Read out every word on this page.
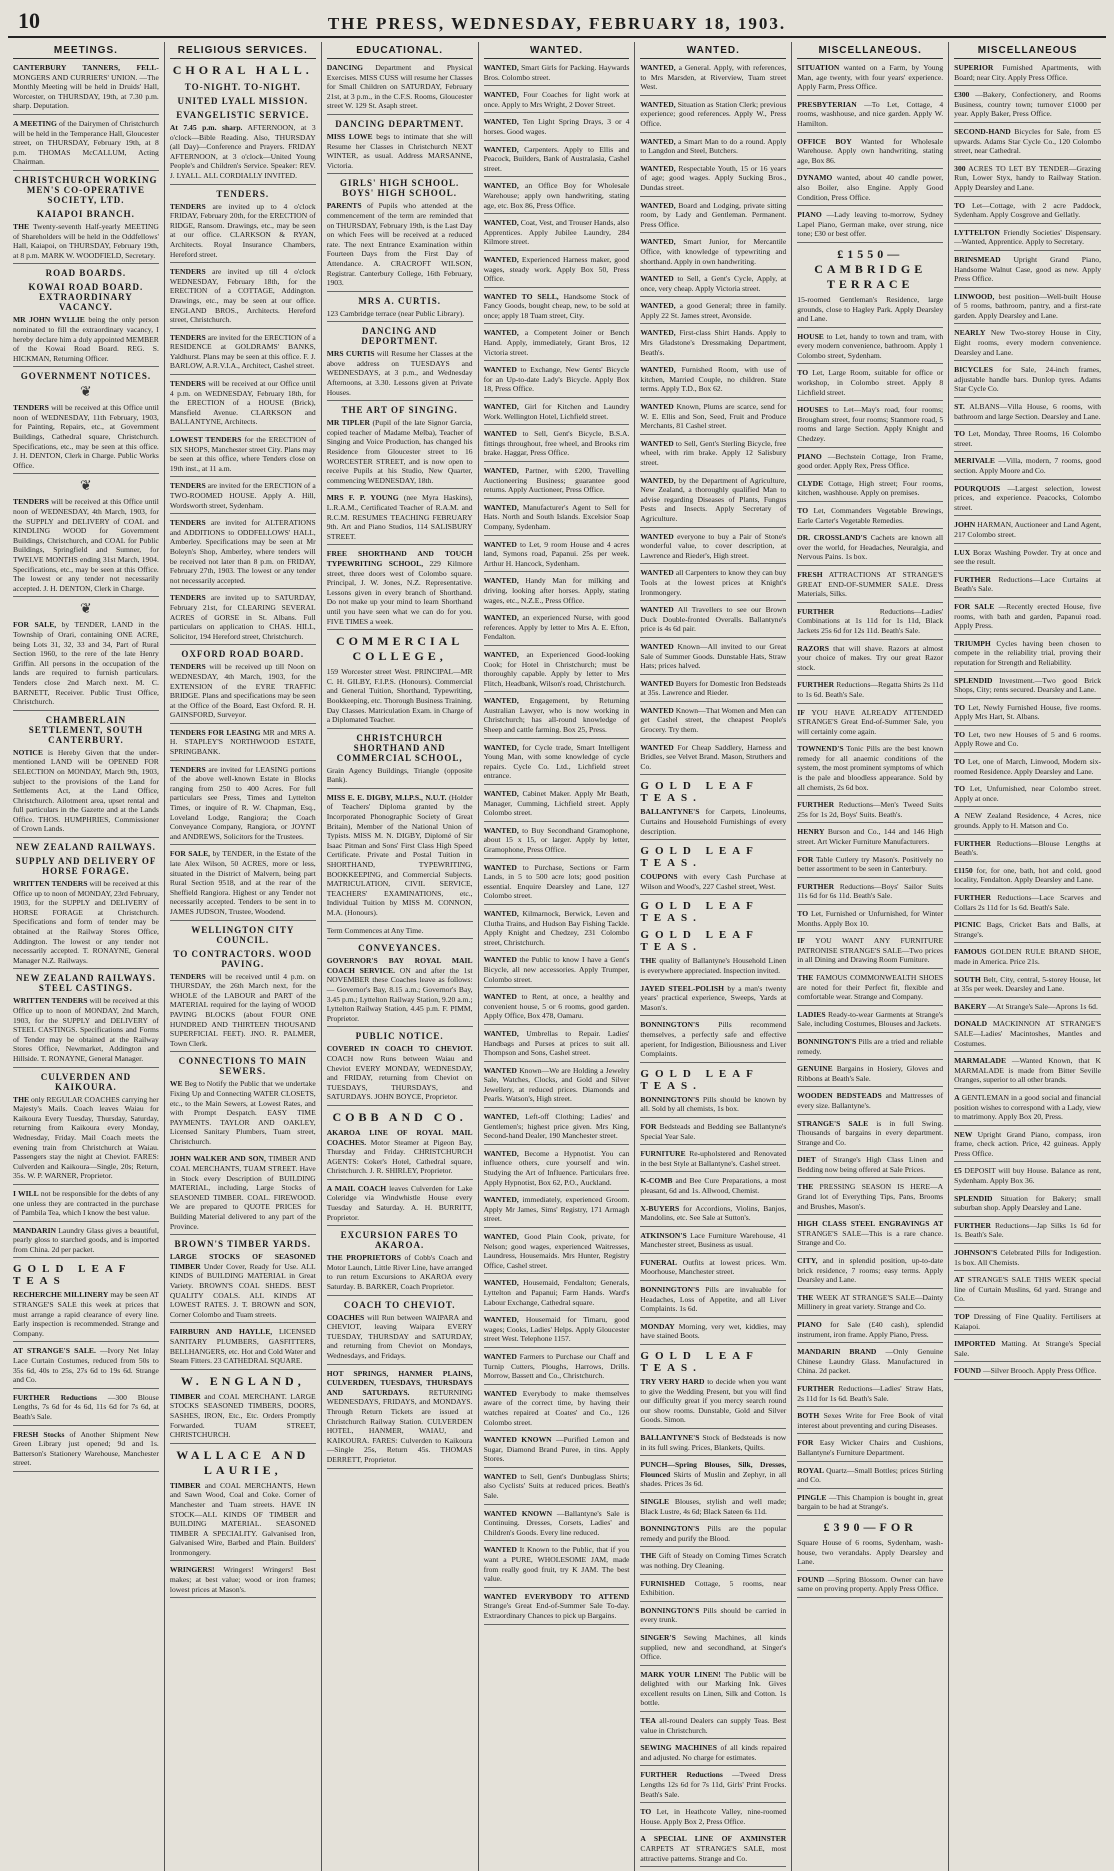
10	THE PRESS, WEDNESDAY, FEBRUARY 18, 1903.
MEETINGS.

CANTERBURY TANNERS, FELL- MONGERS AND CURRIERS' UNION. —The Monthly Meeting will be held in Druids' Hall, Worcester, on THURSDAY, 19th, at 7.30 p.m. sharp. Deputation.

A MEETING of the Dairymen of Christchurch will be held in the Temperance Hall, Gloucester street, on THURSDAY, February 19th, at 8 p.m. THOMAS McCALLUM, Acting Chairman.

CHRISTCHURCH WORKING MEN'S CO-OPERATIVE SOCIETY, LTD.
KAIAPOI BRANCH.

THE Twenty-seventh Half-yearly MEETING of Shareholders will be held in the Oddfellows' Hall, Kaiapoi, on THURSDAY, February 19th, at 8 p.m. MARK W. WOODFIELD, Secretary.

ROAD BOARDS.
KOWAI ROAD BOARD. EXTRAORDINARY VACANCY.

MR JOHN WYLLIE being the only person nominated to fill the extraordinary vacancy, I hereby declare him a duly appointed MEMBER of the Kowai Road Board. REG. S. HICKMAN, Returning Officer.

GOVERNMENT NOTICES.
❦

TENDERS will be received at this Office until noon of WEDNESDAY, 11th February, 1903, for Painting, Repairs, etc., at Government Buildings, Cathedral square, Christchurch. Specifications, etc., may be seen at this office. J. H. DENTON, Clerk in Charge. Public Works Office.

❦

TENDERS will be received at this Office until noon of WEDNESDAY, 4th March, 1903, for the SUPPLY and DELIVERY of COAL and KINDLING WOOD for Government Buildings, Christchurch, and COAL for Public Buildings, Springfield and Sumner, for TWELVE MONTHS ending 31st March, 1904. Specifications, etc., may be seen at this Office. The lowest or any tender not necessarily accepted. J. H. DENTON, Clerk in Charge.

❦

FOR SALE, by TENDER, LAND in the Township of Orari, containing ONE ACRE, being Lots 31, 32, 33 and 34, Part of Rural Section 1960, to the rere of the late Henry Griffin. All persons in the occupation of the lands are required to furnish particulars. Tenders close 2nd March next. M. C. BARNETT, Receiver. Public Trust Office, Christchurch.

CHAMBERLAIN SETTLEMENT, SOUTH CANTERBURY.

NOTICE is Hereby Given that the under-mentioned LAND will be OPENED FOR SELECTION on MONDAY, March 9th, 1903, subject to the provisions of the Land for Settlements Act, at the Land Office, Christchurch. Ailotment area, upset rental and full particulars in the Gazette and at the Lands Office. THOS. HUMPHRIES, Commissioner of Crown Lands.

NEW ZEALAND RAILWAYS.
SUPPLY AND DELIVERY OF HORSE FORAGE.

WRITTEN TENDERS will be received at this Office up to noon of MONDAY, 23rd February, 1903, for the SUPPLY and DELIVERY of HORSE FORAGE at Christchurch. Specifications and form of tender may be obtained at the Railway Stores Office, Addington. The lowest or any tender not necessarily accepted. T. RONAYNE, General Manager N.Z. Railways.

NEW ZEALAND RAILWAYS. STEEL CASTINGS.

WRITTEN TENDERS will be received at this Office up to noon of MONDAY, 2nd March, 1903, for the SUPPLY and DELIVERY of STEEL CASTINGS. Specifications and Forms of Tender may be obtained at the Railway Stores Office, Newmarket, Addington and Hillside. T. RONAYNE, General Manager.

CULVERDEN AND KAIKOURA.

THE only REGULAR COACHES carrying her Majesty's Mails. Coach leaves Waiau for Kaikoura Every Tuesday, Thursday, Saturday, returning from Kaikoura every Monday, Wednesday, Friday. Mail Coach meets the evening train from Christchurch at Waiau. Passengers stay the night at Cheviot. FARES: Culverden and Kaikoura—Single, 20s; Return, 35s. W. P. WARNER, Proprietor.

I WILL not be responsible for the debts of any one unless they are contracted in the purchase of Pambila Tea, which I know the best value.

MANDARIN Laundry Glass gives a beautiful, pearly gloss to starched goods, and is imported from China. 2d per packet.

GOLD LEAF TEAS

RECHERCHE MILLINERY may be seen AT STRANGE'S SALE this week at prices that must arrange a rapid clearance of every line. Early inspection is recommended. Strange and Company.

AT STRANGE'S SALE. —Ivory Net Inlay Lace Curtain Costumes, reduced from 50s to 35s 6d, 40s to 25s, 27s 6d to 19s 6d. Strange and Co.

FURTHER Reductions —300 Blouse Lengths, 7s 6d for 4s 6d, 11s 6d for 7s 6d, at Beath's Sale.

FRESH Stocks of Another Shipment New Green Library just opened; 9d and 1s. Batterson's Stationery Warehouse, Manchester street.

RELIGIOUS SERVICES.
CHORAL HALL.
TO-NIGHT. TO-NIGHT.
UNITED LYALL MISSION.
EVANGELISTIC SERVICE.

At 7.45 p.m. sharp. AFTERNOON, at 3 o'clock—Bible Reading. Also, THURSDAY (all Day)—Conference and Prayers. FRIDAY AFTERNOON, at 3 o'clock—United Young People's and Children's Service. Speaker: REV. J. LYALL. ALL CORDIALLY INVITED.

TENDERS.

TENDERS are invited up to 4 o'clock FRIDAY, February 20th, for the ERECTION of RIDGE, Ransom. Drawings, etc., may be seen at our office. CLARKSON & RYAN, Architects. Royal Insurance Chambers, Hereford street.

TENDERS are invited up till 4 o'clock WEDNESDAY, February 18th, for the ERECTION of a COTTAGE, Addington. Drawings, etc., may be seen at our office. ENGLAND BROS., Architects. Hereford street, Christchurch.

TENDERS are invited for the ERECTION of a RESIDENCE at GOLDRAMS' BANKS, Yaldhurst. Plans may be seen at this office. F. J. BARLOW, A.R.V.I.A., Architect, Cashel street.

TENDERS will be received at our Office until 4 p.m. on WEDNESDAY, February 18th, for the ERECTION of a HOUSE (Brick), Mansfield Avenue. CLARKSON and BALLANTYNE, Architects.

LOWEST TENDERS for the ERECTION of SIX SHOPS, Manchester street City. Plans may be seen at this office, where Tenders close on 19th inst., at 11 a.m.

TENDERS are invited for the ERECTION of a TWO-ROOMED HOUSE. Apply A. Hill, Wordsworth street, Sydenham.

TENDERS are invited for ALTERATIONS and ADDITIONS to ODDFELLOWS' HALL, Amberley. Specifications may be seen at Mr Boleyn's Shop, Amberley, where tenders will be received not later than 8 p.m. on FRIDAY, February 27th, 1903. The lowest or any tender not necessarily accepted.

TENDERS are invited up to SATURDAY, February 21st, for CLEARING SEVERAL ACRES of GORSE in St. Albans. Full particulars on application to CHAS. HILL, Solicitor, 194 Hereford street, Christchurch.

OXFORD ROAD BOARD.

TENDERS will be received up till Noon on WEDNESDAY, 4th March, 1903, for the EXTENSION of the EYRE TRAFFIC BRIDGE. Plans and specifications may be seen at the Office of the Board, East Oxford. R. H. GAINSFORD, Surveyor.

TENDERS FOR LEASING MR and MRS A. H. STAPLEY'S NORTHWOOD ESTATE, SPRINGBANK.

TENDERS are invited for LEASING portions of the above well-known Estate in Blocks ranging from 250 to 400 Acres. For full particulars see Press, Times and Lyttelton Times, or inquire of R. W. Chapman, Esq., Loveland Lodge, Rangiora; the Coach Conveyance Company, Rangiora, or JOYNT and ANDREWS, Solicitors for the Trustees.

FOR SALE, by TENDER, in the Estate of the late Alex Wilson, 50 ACRES, more or less, situated in the District of Malvern, being part Rural Section 9518, and at the rear of the Sheffield Rangiora. Highest or any Tender not necessarily accepted. Tenders to be sent in to JAMES JUDSON, Trustee, Woodend.

WELLINGTON CITY COUNCIL.
TO CONTRACTORS. WOOD PAVING.

TENDERS will be received until 4 p.m. on THURSDAY, the 26th March next, for the WHOLE of the LABOUR and PART of the MATERIAL required for the laying of WOOD PAVING BLOCKS (about FOUR ONE HUNDRED AND THIRTEEN THOUSAND SUPERFICIAL FEET). JNO. R. PALMER, Town Clerk.

CONNECTIONS TO MAIN SEWERS.

WE Beg to Notify the Public that we undertake Fixing Up and Connecting WATER CLOSETS, etc., to the Main Sewers, at Lowest Rates, and with Prompt Despatch. EASY TIME PAYMENTS. TAYLOR AND OAKLEY, Licensed Sanitary Plumbers, Tuam street, Christchurch.

JOHN WALKER AND SON, TIMBER AND COAL MERCHANTS, TUAM STREET. Have in Stock every Description of BUILDING MATERIAL, including, Large Stocks of SEASONED TIMBER. COAL. FIREWOOD. We are prepared to QUOTE PRICES for Building Material delivered to any part of the Province.

BROWN'S TIMBER YARDS.

LARGE STOCKS OF SEASONED TIMBER Under Cover, Ready for Use. ALL KINDS of BUILDING MATERIAL in Great Variety. BROWN'S COAL SHEDS. BEST QUALITY COALS. ALL KINDS AT LOWEST RATES. J. T. BROWN and SON, Corner Colombo and Tuam streets.

FAIRBURN AND HAYLLE, LICENSED SANITARY PLUMBERS, GASFITTERS, BELLHANGERS, etc. Hot and Cold Water and Steam Fitters. 23 CATHEDRAL SQUARE.

W. ENGLAND,

TIMBER and COAL MERCHANT. LARGE STOCKS SEASONED TIMBERS, DOORS, SASHES, IRON, Etc., Etc. Orders Promptly Forwarded. TUAM STREET, CHRISTCHURCH.

WALLACE AND LAURIE,

TIMBER and COAL MERCHANTS, Hewn and Sawn Wood, Coal and Coke. Corner of Manchester and Tuam streets. HAVE IN STOCK—ALL KINDS OF TIMBER and BUILDING MATERIAL. SEASONED TIMBER A SPECIALITY. Galvanised Iron, Galvanised Wire, Barbed and Plain. Builders' Ironmongery.

WRINGERS! Wringers! Wringers! Best makes; at best value; wood or iron frames; lowest prices at Mason's.

EDUCATIONAL.

DANCING Department and Physical Exercises. MISS CUSS will resume her Classes for Small Children on SATURDAY, February 21st, at 3 p.m., in the C.F.S. Rooms, Gloucester street W. 129 St. Asaph street.

DANCING DEPARTMENT.

MISS LOWE begs to intimate that she will Resume her Classes in Christchurch NEXT WINTER, as usual. Address MARSANNE, Victoria.

GIRLS' HIGH SCHOOL. BOYS' HIGH SCHOOL.

PARENTS of Pupils who attended at the commencement of the term are reminded that on THURSDAY, February 19th, is the Last Day on which Fees will be received at a reduced rate. The next Entrance Examination within Fourteen Days from the First Day of Attendance. A. CRACROFT WILSON, Registrar. Canterbury College, 16th February, 1903.

MRS A. CURTIS.

123 Cambridge terrace (near Public Library).

DANCING AND DEPORTMENT.

MRS CURTIS will Resume her Classes at the above address on TUESDAYS and WEDNESDAYS, at 3 p.m., and Wednesday Afternoons, at 3.30. Lessons given at Private Houses.

THE ART OF SINGING.

MR TIPLER (Pupil of the late Signor Garcia, copied teacher of Madame Melba), Teacher of Singing and Voice Production, has changed his Residence from Gloucester street to 16 WORCESTER STREET, and is now open to receive Pupils at his Studio, New Quarter, commencing WEDNESDAY, 18th.

MRS F. P. YOUNG (nee Myra Haskins), L.R.A.M., Certificated Teacher of R.A.M. and R.C.M. RESUMES TEACHING FEBRUARY 9th. Art and Piano Studios, 114 SALISBURY STREET.

FREE SHORTHAND AND TOUCH TYPEWRITING SCHOOL, 229 Kilmore street, three doors west of Colombo square. Principal, J. W. Jones, N.Z. Representative. Lessons given in every branch of Shorthand. Do not make up your mind to learn Shorthand until you have seen what we can do for you. FIVE TIMES a week.

COMMERCIAL COLLEGE,

159 Worcester street West. PRINCIPAL—MR C. H. GILBY, F.I.P.S. (Honours). Commercial and General Tuition, Shorthand, Typewriting, Bookkeeping, etc. Thorough Business Training. Day Classes. Matriculation Exam. in Charge of a Diplomated Teacher.

CHRISTCHURCH SHORTHAND AND COMMERCIAL SCHOOL,

Grain Agency Buildings, Triangle (opposite Bank).

MISS E. E. DIGBY, M.I.P.S., N.U.T. (Holder of Teachers' Diploma granted by the Incorporated Phonographic Society of Great Britain), Member of the National Union of Typists. MISS M. N. DIGBY, Diplomé of Sir Isaac Pitman and Sons' First Class High Speed Certificate. Private and Postal Tuition in SHORTHAND, TYPEWRITING, BOOKKEEPING, and Commercial Subjects. MATRICULATION, CIVIL SERVICE, TEACHERS' EXAMINATIONS, etc., Individual Tuition by MISS M. CONNON, M.A. (Honours).

Term Commences at Any Time.

CONVEYANCES.

GOVERNOR'S BAY ROYAL MAIL COACH SERVICE. ON and after the 1st NOVEMBER these Coaches leave as follows:— Governor's Bay, 8.15 a.m.; Governor's Bay, 3.45 p.m.; Lyttelton Railway Station, 9.20 a.m.; Lyttelton Railway Station, 4.45 p.m. F. PIMM, Proprietor.

PUBLIC NOTICE.

COVERED IN COACH TO CHEVIOT. COACH now Runs between Waiau and Cheviot EVERY MONDAY, WEDNESDAY, and FRIDAY, returning from Cheviot on TUESDAYS, THURSDAYS, and SATURDAYS. JOHN BOYCE, Proprietor.

COBB AND CO.

AKAROA LINE OF ROYAL MAIL COACHES. Motor Steamer at Pigeon Bay, Thursday and Friday. CHRISTCHURCH AGENTS: Coker's Hotel, Cathedral square, Christchurch. J. R. SHIRLEY, Proprietor.

A MAIL COACH leaves Culverden for Lake Coleridge via Windwhistle House every Tuesday and Saturday. A. H. BURRITT, Proprietor.

EXCURSION FARES TO AKAROA.

THE PROPRIETORS of Cobb's Coach and Motor Launch, Little River Line, have arranged to run return Excursions to AKAROA every Saturday. B. BARKER, Coach Proprietor.

COACH TO CHEVIOT.

COACHES will Run between WAIPARA and CHEVIOT, leaving Waipara EVERY TUESDAY, THURSDAY and SATURDAY, and returning from Cheviot on Mondays, Wednesdays, and Fridays.

HOT SPRINGS, HANMER PLAINS, CULVERDEN, TUESDAYS, THURSDAYS AND SATURDAYS.	RETURNING WEDNESDAYS, FRIDAYS, and MONDAYS. Through Return Tickets are issued at Christchurch Railway Station. CULVERDEN HOTEL, HANMER, WAIAU, and KAIKOURA. FARES: Culverden to Kaikoura—Single 25s, Return 45s. THOMAS DERRETT, Proprietor.

WANTED.

WANTED, Smart Girls for Packing. Haywards Bros. Colombo street.

WANTED, Four Coaches for light work at once. Apply to Mrs Wright, 2 Dover Street.

WANTED, Ten Light Spring Drays, 3 or 4 horses. Good wages.

WANTED, Carpenters. Apply to Ellis and Peacock, Builders, Bank of Australasia, Cashel street.

WANTED, an Office Boy for Wholesale Warehouse; apply own handwriting, stating age, etc. Box 86, Press Office.

WANTED, Coat, Vest, and Trouser Hands, also Apprentices. Apply Jubilee Laundry, 284 Kilmore street.

WANTED, Experienced Harness maker, good wages, steady work. Apply Box 50, Press Office.

WANTED TO SELL, Handsome Stock of Fancy Goods, bought cheap, new, to be sold at once; apply 18 Tuam street, City.

WANTED, a Competent Joiner or Bench Hand. Apply, immediately, Grant Bros, 12 Victoria street.

WANTED to Exchange, New Gents' Bicycle for an Up-to-date Lady's Bicycle. Apply Box 18, Press Office.

WANTED, Girl for Kitchen and Laundry Work. Wellington Hotel, Lichfield street.

WANTED to Sell, Gent's Bicycle, B.S.A. fittings throughout, free wheel, and Brooks rim brake. Haggar, Press Office.

WANTED, Partner, with £200, Travelling Auctioneering Business; guarantee good returns. Apply Auctioneer, Press Office.

WANTED, Manufacturer's Agent to Sell for Hats. North and South Islands. Excelsior Soap Company, Sydenham.

WANTED to Let, 9 room House and 4 acres land, Symons road, Papanui. 25s per week. Arthur H. Hancock, Sydenham.

WANTED, Handy Man for milking and driving, looking after horses. Apply, stating wages, etc., N.Z.E., Press Office.

WANTED, an experienced Nurse, with good references. Apply by letter to Mrs A. E. Efton, Fendalton.

WANTED, an Experienced Good-looking Cook; for Hotel in Christchurch; must be thoroughly capable. Apply by letter to Mrs Flitch, Headbank, Wilson's road, Christchurch.

WANTED, Engagement, by Returning Australian Lawyer, who is now working in Christchurch; has all-round knowledge of Sheep and cattle farming. Box 25, Press.

WANTED, for Cycle trade, Smart Intelligent Young Man, with some knowledge of cycle repairs. Cycle Co. Ltd., Lichfield street entrance.

WANTED, Cabinet Maker. Apply Mr Beath, Manager, Cumming, Lichfield street. Apply Colombo street.

WANTED, to Buy Secondhand Gramophone, about 15 x 15, or larger. Apply by letter, Gramophone, Press Office.

WANTED to Purchase, Sections or Farm Lands, in 5 to 500 acre lots; good position essential. Enquire Dearsley and Lane, 127 Colombo street.

WANTED, Kilmarnock, Berwick, Leven and Clutha Trains, and Hudson Bay Fishing Tackle. Apply Knight and Chedzey, 231 Colombo street, Christchurch.

WANTED the Public to know I have a Gent's Bicycle, all new accessories. Apply Trumper, Colombo street.

WANTED to Rent, at once, a healthy and convenient house, 5 or 6 rooms, good garden. Apply Office, Box 478, Oamaru.

WANTED, Umbrellas to Repair. Ladies' Handbags and Purses at prices to suit all. Thompson and Sons, Cashel street.

WANTED Known—We are Holding a Jewelry Sale, Watches, Clocks, and Gold and Silver Jewellery, at reduced prices. Diamonds and Pearls. Watson's, High street.

WANTED, Left-off Clothing; Ladies' and Gentlemen's; highest price given. Mrs King, Second-hand Dealer, 190 Manchester street.

WANTED, Become a Hypnotist. You can influence others, cure yourself and win. Studying the Art of Influence. Particulars free. Apply Hypnotist, Box 62, P.O., Auckland.

WANTED, immediately, experienced Groom. Apply Mr James, Sims' Registry, 171 Armagh street.

WANTED, Good Plain Cook, private, for Nelson; good wages, experienced Waitresses, Laundress, Housemaids. Mrs Hunter, Registry Office, Cashel street.

WANTED, Housemaid, Fendalton; Generals, Lyttelton and Papanui; Farm Hands. Ward's Labour Exchange, Cathedral square.

WANTED, Housemaid for Timaru, good wages; Cooks, Ladies' Helps. Apply Gloucester street West. Telephone 1157.

WANTED Farmers to Purchase our Chaff and Turnip Cutters, Ploughs, Harrows, Drills. Morrow, Bassett and Co., Christchurch.

WANTED Everybody to make themselves aware of the correct time, by having their watches repaired at Coates' and Co., 126 Colombo street.

WANTED KNOWN —Purified Lemon and Sugar, Diamond Brand Puree, in tins. Apply Stores.

WANTED to Sell, Gent's Dunbuglass Shirts; also Cyclists' Suits at reduced prices. Beath's Sale.

WANTED KNOWN —Ballantyne's Sale is Continuing. Dresses, Corsets, Ladies' and Children's Goods. Every line reduced.

WANTED It Known to the Public, that if you want a PURE, WHOLESOME JAM, made from really good fruit, try K JAM. The best value.

WANTED EVERYBODY TO ATTEND Strange's Great End-of-Summer Sale To-day. Extraordinary Chances to pick up Bargains.

WANTED.

WANTED, a General. Apply, with references, to Mrs Marsden, at Riverview, Tuam street West.

WANTED, Situation as Station Clerk; previous experience; good references. Apply W., Press Office.

WANTED, a Smart Man to do a round. Apply to Langdon and Steel, Butchers.

WANTED, Respectable Youth, 15 or 16 years of age; good wages. Apply Sucking Bros., Dundas street.

WANTED, Board and Lodging, private sitting room, by Lady and Gentleman. Permanent. Press Office.

WANTED, Smart Junior, for Mercantile Office, with knowledge of typewriting and shorthand. Apply in own handwriting.

WANTED to Sell, a Gent's Cycle, Apply, at once, very cheap. Apply Victoria street.

WANTED, a good General; three in family. Apply 22 St. James street, Avonside.

WANTED, First-class Shirt Hands. Apply to Mrs Gladstone's Dressmaking Department, Beath's.

WANTED, Furnished Room, with use of kitchen, Married Couple, no children. State terms. Apply T.D., Box 62.

WANTED Known, Plums are scarce, send for W. E. Ellis and Son, Seed, Fruit and Produce Merchants, 81 Cashel street.

WANTED to Sell, Gent's Sterling Bicycle, free wheel, with rim brake. Apply 12 Salisbury street.

WANTED, by the Department of Agriculture, New Zealand, a thoroughly qualified Man to advise regarding Diseases of Plants, Fungus Pests and Insects. Apply Secretary of Agriculture.

WANTED everyone to buy a Pair of Stone's wonderful value, to cover description, at Lawrence and Rieder's, High street.

WANTED all Carpenters to know they can buy Tools at the lowest prices at Knight's Ironmongery.

WANTED All Travellers to see our Brown Duck Double-fronted Overalls. Ballantyne's price is 4s 6d pair.

WANTED Known—All invited to our Great Sale of Summer Goods. Dunstable Hats, Straw Hats; prices halved.

WANTED Buyers for Domestic Iron Bedsteads at 35s. Lawrence and Rieder.

WANTED Known—That Women and Men can get Cashel street, the cheapest People's Grocery. Try them.

WANTED For Cheap Saddlery, Harness and Bridles, see Velvet Brand. Mason, Struthers and Co.

GOLD LEAF TEAS.

BALLANTYNE'S for Carpets, Linoleums, Curtains and Household Furnishings of every description.

GOLD LEAF TEAS.

COUPONS with every Cash Purchase at Wilson and Wood's, 227 Cashel street, West.

GOLD LEAF TEAS.
GOLD LEAF TEAS.

THE quality of Ballantyne's Household Linen is everywhere appreciated. Inspection invited.

JAYED STEEL-POLISH by a man's twenty years' practical experience, Sweeps, Yards at Mason's.

BONNINGTON'S Pills recommend themselves, a perfectly safe and effective aperient, for Indigestion, Biliousness and Liver Complaints.

GOLD LEAF TEAS.

BONNINGTON'S Pills should be known by all. Sold by all chemists, 1s box.

FOR Bedsteads and Bedding see Ballantyne's Special Year Sale.

FURNITURE Re-upholstered and Renovated in the best Style at Ballantyne's. Cashel street.

K-COMB and Bee Cure Preparations, a most pleasant, 6d and 1s. Allwood, Chemist.

X-BUYERS for Accordions, Violins, Banjos, Mandolins, etc. See Sale at Sutton's.

ATKINSON'S Lace Furniture Warehouse, 41 Manchester street, Business as usual.

FUNERAL Outfits at lowest prices. Wm. Moorhouse, Manchester street.

BONNINGTON'S Pills are invaluable for Headaches, Loss of Appetite, and all Liver Complaints. 1s 6d.

MONDAY Morning, very wet, kiddies, may have stained Boots.

GOLD LEAF TEAS.

TRY VERY HARD to decide when you want to give the Wedding Present, but you will find our difficulty great if you mercy search round our show rooms. Dunstable, Gold and Silver Goods. Simon.

BALLANTYNE'S Stock of Bedsteads is now in its full swing. Prices, Blankets, Quilts.

PUNCH—Spring Blouses, Silk, Dresses, Flounced Skirts of Muslin and Zephyr, in all shades. Prices 3s 6d.

SINGLE Blouses, stylish and well made; Black Lustre, 4s 6d; Black Sateen 6s 11d.

BONNINGTON'S Pills are the popular remedy and purify the Blood.

THE Gift of Steady on Coming Times Scratch was nothing. Dry Cleaning.

FURNISHED Cottage, 5 rooms, near Exhibition.

BONNINGTON'S Pills should be carried in every trunk.

SINGER'S Sewing Machines, all kinds supplied, new and secondhand, at Singer's Office.

MARK YOUR LINEN! The Public will be delighted with our Marking Ink. Gives excellent results on Linen, Silk and Cotton. 1s bottle.

TEA all-round Dealers can supply Teas. Best value in Christchurch.

SEWING MACHINES of all kinds repaired and adjusted. No charge for estimates.

FURTHER Reductions —Tweed Dress Lengths 12s 6d for 7s 11d, Girls' Print Frocks. Beath's Sale.

TO Let, in Heathcote Valley, nine-roomed House. Apply Box 2, Press Office.

A SPECIAL LINE OF AXMINSTER CARPETS AT STRANGE'S SALE, most attractive patterns. Strange and Co.

MISCELLANEOUS.

SITUATION wanted on a Farm, by Young Man, age twenty, with four years' experience. Apply Farm, Press Office.

PRESBYTERIAN —To Let, Cottage, 4 rooms, washhouse, and nice garden. Apply W. Hamilton.

OFFICE BOY Wanted for Wholesale Warehouse. Apply own handwriting, stating age, Box 86.

DYNAMO wanted, about 40 candle power, also Boiler, also Engine. Apply Good Condition, Press Office.

PIANO —Lady leaving to-morrow, Sydney Lapel Piano, German make, over strung, nice tone; £30 or best offer.

£1550—CAMBRIDGE TERRACE

15-roomed Gentleman's Residence, large grounds, close to Hagley Park. Apply Dearsley and Lane.

HOUSE to Let, handy to town and tram, with every modern convenience, bathroom. Apply 1 Colombo street, Sydenham.

TO Let, Large Room, suitable for office or workshop, in Colombo street. Apply 8 Lichfield street.

HOUSES to Let—May's road, four rooms; Brougham street, four rooms; Stanmore road, 5 rooms and large Section. Apply Knight and Chedzey.

PIANO —Bechstein Cottage, Iron Frame, good order. Apply Rex, Press Office.

CLYDE Cottage, High street; Four rooms, kitchen, washhouse. Apply on premises.

TO Let, Commanders Vegetable Brewings, Earle Carter's Vegetable Remedies.

DR. CROSSLAND'S Cachets are known all over the world, for Headaches, Neuralgia, and Nervous Pains. 1s box.

FRESH ATTRACTIONS AT STRANGE'S GREAT END-OF-SUMMER SALE. Dress Materials, Silks.

FURTHER	Reductions—Ladies' Combinations at 1s 11d for 1s 11d, Black Jackets 25s 6d for 12s 11d. Beath's Sale.

RAZORS that will shave. Razors at almost your choice of makes. Try our great Razor stock.

FURTHER Reductions—Regatta Shirts 2s 11d to 1s 6d. Beath's Sale.

IF YOU HAVE ALREADY ATTENDED STRANGE'S Great End-of-Summer Sale, you will certainly come again.

TOWNEND'S Tonic Pills are the best known remedy for all anaemic conditions of the system, the most prominent symptoms of which is the pale and bloodless appearance. Sold by all chemists, 2s 6d box.

FURTHER Reductions—Men's Tweed Suits 25s for 1s 2d, Boys' Suits. Beath's.

HENRY Burson and Co., 144 and 146 High street. Art Wicker Furniture Manufacturers.

FOR Table Cutlery try Mason's. Positively no better assortment to be seen in Canterbury.

FURTHER Reductions—Boys' Sailor Suits 11s 6d for 6s 11d. Beath's Sale.

TO Let, Furnished or Unfurnished, for Winter Months. Apply Box 10.

IF YOU WANT ANY FURNITURE PATRONISE STRANGE'S SALE—Two prices in all Dining and Drawing Room Furniture.

THE FAMOUS COMMONWEALTH SHOES are noted for their Perfect fit, flexible and comfortable wear. Strange and Company.

LADIES Ready-to-wear Garments at Strange's Sale, including Costumes, Blouses and Jackets.

BONNINGTON'S Pills are a tried and reliable remedy.

GENUINE Bargains in Hosiery, Gloves and Ribbons at Beath's Sale.

WOODEN BEDSTEADS and Mattresses of every size. Ballantyne's.

STRANGE'S SALE is in full Swing. Thousands of bargains in every department. Strange and Co.

DIET of Strange's High Class Linen and Bedding now being offered at Sale Prices.

THE PRESSING SEASON IS HERE—A Grand lot of Everything Tips, Pans, Brooms and Brushes, Mason's.

HIGH CLASS STEEL ENGRAVINGS AT STRANGE'S SALE—This is a rare chance. Strange and Co.

CITY, and in splendid position, up-to-date brick residence, 7 rooms; easy terms. Apply Dearsley and Lane.

THE WEEK AT STRANGE'S SALE—Dainty Millinery in great variety. Strange and Co.

PIANO for Sale (£40 cash), splendid instrument, iron frame. Apply Piano, Press.

MANDARIN BRAND —Only Genuine Chinese Laundry Glass. Manufactured in China. 2d packet.

FURTHER Reductions—Ladies' Straw Hats, 2s 11d for 1s 6d. Beath's Sale.

BOTH Sexes Write for Free Book of vital interest about preventing and curing Diseases.

FOR Easy Wicker Chairs and Cushions, Ballantyne's Furniture Department.

ROYAL Quartz—Small Bottles; prices Stirling and Co.

PINGLE —This Champion is bought in, great bargain to be had at Strange's.

£390—FOR

Square House of 6 rooms, Sydenham, wash-house, two verandahs. Apply Dearsley and Lane.

FOUND —Spring Blossom. Owner can have same on proving property. Apply Press Office.

MISCELLANEOUS

SUPERIOR Furnished Apartments, with Board; near City. Apply Press Office.

£300 —Bakery, Confectionery, and Rooms Business, country town; turnover £1000 per year. Apply Baker, Press Office.

SECOND-HAND Bicycles for Sale, from £5 upwards. Adams Star Cycle Co., 120 Colombo street, near Cathedral.

300 ACRES TO LET BY TENDER—Grazing Run, Lower Styx, handy to Railway Station. Apply Dearsley and Lane.

TO Let—Cottage, with 2 acre Paddock, Sydenham. Apply Cosgrove and Gellatly.

LYTTELTON Friendly Societies' Dispensary.—Wanted, Apprentice. Apply to Secretary.

BRINSMEAD Upright Grand Piano, Handsome Walnut Case, good as new. Apply Press Office.

LINWOOD, best position—Well-built House of 5 rooms, bathroom, pantry, and a first-rate garden. Apply Dearsley and Lane.

NEARLY New Two-storey House in City, Eight rooms, every modern convenience. Dearsley and Lane.

BICYCLES for Sale, 24-inch frames, adjustable handle bars. Dunlop tyres. Adams Star Cycle Co.

ST. ALBANS—Villa House, 6 rooms, with bathroom and large Section. Dearsley and Lane.

TO Let, Monday, Three Rooms, 16 Colombo street.

MERIVALE —Villa, modern, 7 rooms, good section. Apply Moore and Co.

POURQUOIS —Largest selection, lowest prices, and experience. Peacocks, Colombo street.

JOHN HARMAN, Auctioneer and Land Agent, 217 Colombo street.

LUX Borax Washing Powder. Try at once and see the result.

FURTHER Reductions—Lace Curtains at Beath's Sale.

FOR SALE —Recently erected House, five rooms, with bath and garden, Papanui road. Apply Press.

TRIUMPH Cycles having been chosen to compete in the reliability trial, proving their reputation for Strength and Reliability.

SPLENDID Investment.—Two good Brick Shops, City; rents secured. Dearsley and Lane.

TO Let, Newly Furnished House, five rooms. Apply Mrs Hart, St. Albans.

TO Let, two new Houses of 5 and 6 rooms. Apply Rowe and Co.

TO Let, one of March, Linwood, Modern six-roomed Residence. Apply Dearsley and Lane.

TO Let, Unfurnished, near Colombo street. Apply at once.

A NEW Zealand Residence, 4 Acres, nice grounds. Apply to H. Matson and Co.

FURTHER Reductions—Blouse Lengths at Beath's.

£1150 for, for one, bath, hot and cold, good locality, Fendalton. Apply Dearsley and Lane.

FURTHER Reductions—Lace Scarves and Collars 2s 11d for 1s 6d. Beath's Sale.

PICNIC Bags, Cricket Bats and Balls, at Strange's.

FAMOUS GOLDEN RULE BRAND SHOE, made in America. Price 21s.

SOUTH Belt, City, central, 5-storey House, let at 35s per week. Dearsley and Lane.

BAKERY —At Strange's Sale—Aprons 1s 6d.

DONALD MACKINNON AT STRANGE'S SALE—Ladies' Macintoshes, Mantles and Costumes.

MARMALADE —Wanted Known, that K MARMALADE is made from Bitter Seville Oranges, superior to all other brands.

A GENTLEMAN in a good social and financial position wishes to correspond with a Lady, view to matrimony. Apply Box 20, Press.

NEW Upright Grand Piano, compass, iron frame, check action. Price, 42 guineas. Apply Press Office.

£5 DEPOSIT will buy House. Balance as rent, Sydenham. Apply Box 36.

SPLENDID Situation for Bakery; small suburban shop. Apply Dearsley and Lane.

FURTHER Reductions—Jap Silks 1s 6d for 1s. Beath's Sale.

JOHNSON'S Celebrated Pills for Indigestion. 1s box. All Chemists.

AT STRANGE'S SALE THIS WEEK special line of Curtain Muslins, 6d yard. Strange and Co.

TOP Dressing of Fine Quality. Fertilisers at Kaiapoi.

IMPORTED Matting. At Strange's Special Sale.

FOUND —Silver Brooch. Apply Press Office.
